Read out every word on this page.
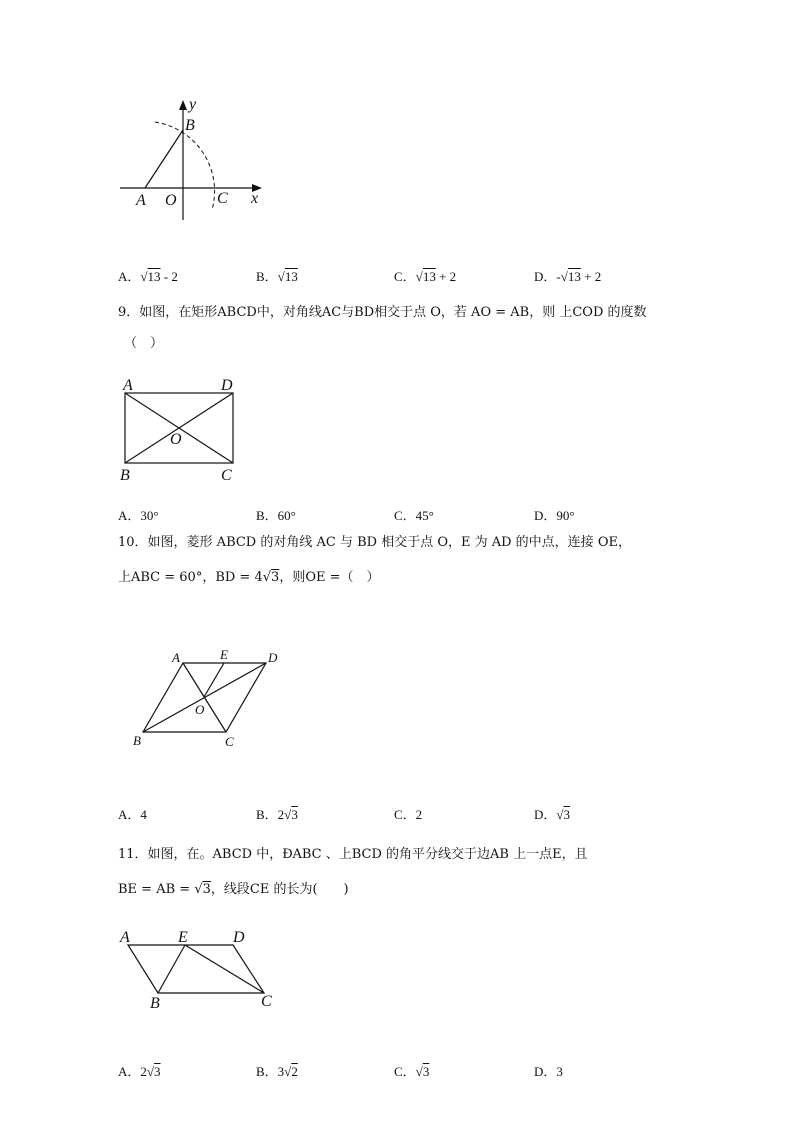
y
B
A O	C x
A．√13 - 2	B．√13	C．√13 + 2	D．-√13 + 2
9．如图，在矩形ABCD中，对角线AC与BD相交于点 O，若 AO = AB，则 上COD 的度数
（　）
A	D
O
B	C
A．30°	B．60°	C．45°	D．90°
10．如图，菱形 ABCD 的对角线 AC 与 BD 相交于点 O，E 为 AD 的中点，连接 OE，
上ABC = 60°，BD = 4√3，则OE =（　）
A	E	D
O
B	C
A．4	B．2√3	C．2	D．√3
11．如图，在。ABCD 中，ÐABC 、上BCD 的角平分线交于边AB 上一点E，且
BE = AB = √3，线段CE 的长为(　　)
A	E	D
B	C
A．2√3	B．3√2	C．√3	D．3
